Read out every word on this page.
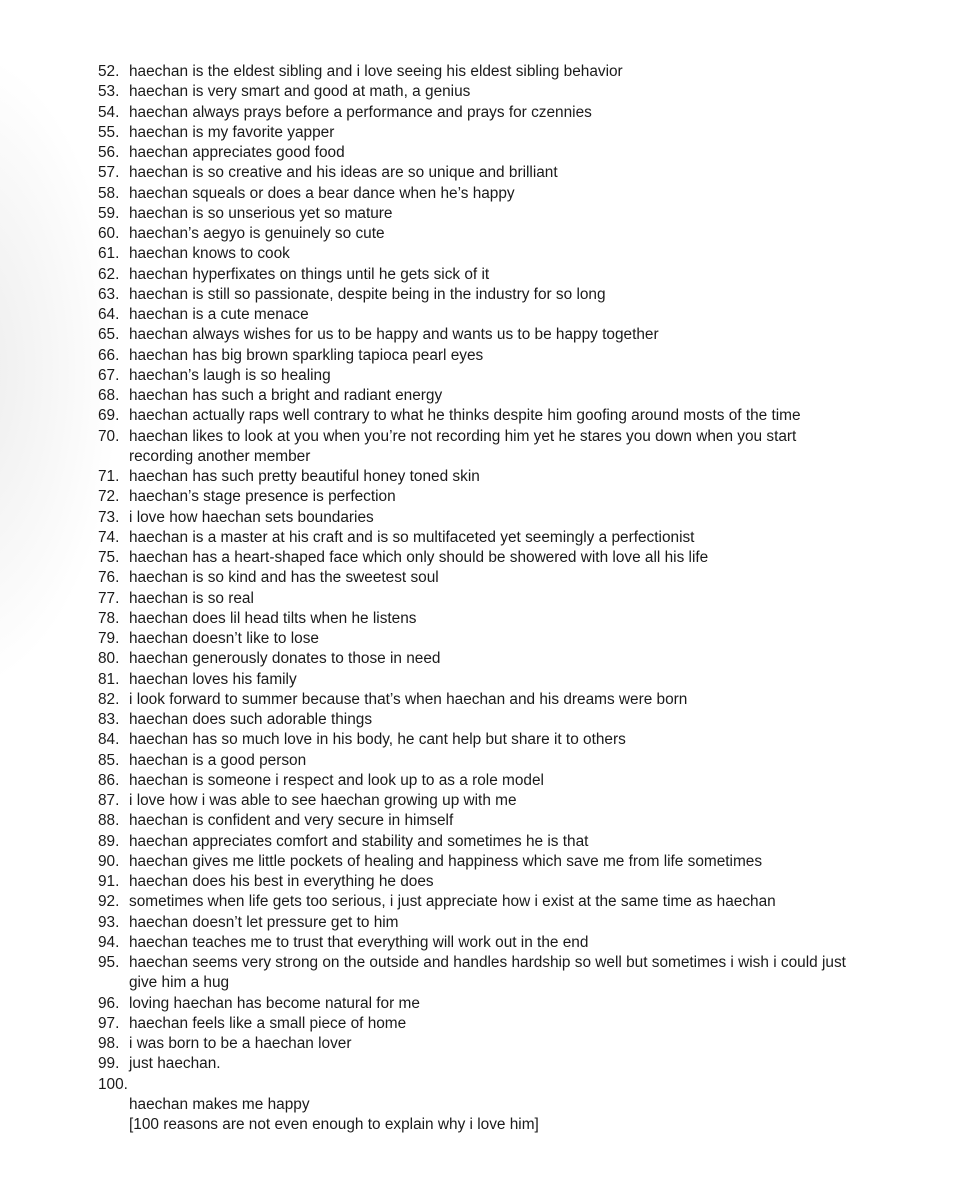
52. haechan is the eldest sibling and i love seeing his eldest sibling behavior
53. haechan is very smart and good at math, a genius
54. haechan always prays before a performance and prays for czennies
55. haechan is my favorite yapper
56. haechan appreciates good food
57. haechan is so creative and his ideas are so unique and brilliant
58. haechan squeals or does a bear dance when he’s happy
59. haechan is so unserious yet so mature
60. haechan’s aegyo is genuinely so cute
61. haechan knows to cook
62. haechan hyperfixates on things until he gets sick of it
63. haechan is still so passionate, despite being in the industry for so long
64. haechan is a cute menace
65. haechan always wishes for us to be happy and wants us to be happy together
66. haechan has big brown sparkling tapioca pearl eyes
67. haechan’s laugh is so healing
68. haechan has such a bright and radiant energy
69. haechan actually raps well contrary to what he thinks despite him goofing around mosts of the time
70. haechan likes to look at you when you’re not recording him yet he stares you down when you start recording another member
71. haechan has such pretty beautiful honey toned skin
72. haechan’s stage presence is perfection
73. i love how haechan sets boundaries
74. haechan is a master at his craft and is so multifaceted yet seemingly a perfectionist
75. haechan has a heart-shaped face which only should be showered with love all his life
76. haechan is so kind and has the sweetest soul
77. haechan is so real
78. haechan does lil head tilts when he listens
79. haechan doesn’t like to lose
80. haechan generously donates to those in need
81. haechan loves his family
82. i look forward to summer because that’s when haechan and his dreams were born
83. haechan does such adorable things
84. haechan has so much love in his body, he cant help but share it to others
85. haechan is a good person
86. haechan is someone i respect and look up to as a role model
87. i love how i was able to see haechan growing up with me
88. haechan is confident and very secure in himself
89. haechan appreciates comfort and stability and sometimes he is that
90. haechan gives me little pockets of healing and happiness which save me from life sometimes
91. haechan does his best in everything he does
92. sometimes when life gets too serious, i just appreciate how i exist at the same time as haechan
93. haechan doesn’t let pressure get to him
94. haechan teaches me to trust that everything will work out in the end
95. haechan seems very strong on the outside and handles hardship so well but sometimes i wish i could just give him a hug
96. loving haechan has become natural for me
97. haechan feels like a small piece of home
98. i was born to be a haechan lover
99. just haechan.
100.
haechan makes me happy
[100 reasons are not even enough to explain why i love him]
